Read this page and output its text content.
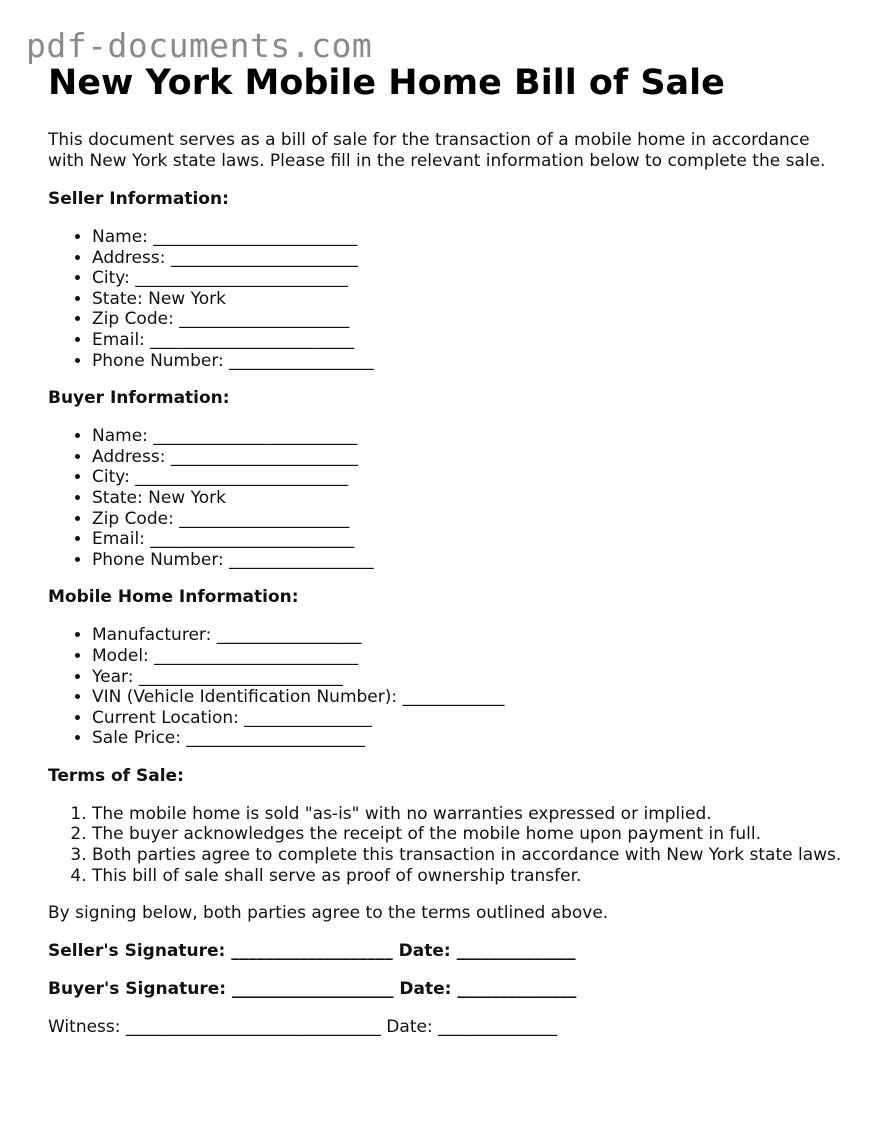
pdf-documents.com
New York Mobile Home Bill of Sale

This document serves as a bill of sale for the transaction of a mobile home in accordance with New York state laws. Please fill in the relevant information below to complete the sale.

Seller Information:
• Name: ________________________
• Address: ______________________
• City: _________________________
• State: New York
• Zip Code: ____________________
• Email: ________________________
• Phone Number: _________________
Buyer Information:
• Name: ________________________
• Address: ______________________
• City: _________________________
• State: New York
• Zip Code: ____________________
• Email: ________________________
• Phone Number: _________________
Mobile Home Information:
• Manufacturer: _________________
• Model: ________________________
• Year: ________________________
• VIN (Vehicle Identification Number): ____________
• Current Location: _______________
• Sale Price: _____________________
Terms of Sale:
1. The mobile home is sold "as-is" with no warranties expressed or implied.
2. The buyer acknowledges the receipt of the mobile home upon payment in full.
3. Both parties agree to complete this transaction in accordance with New York state laws.
4. This bill of sale shall serve as proof of ownership transfer.

By signing below, both parties agree to the terms outlined above.

Seller's Signature: ___________________ Date: ______________
Buyer's Signature: ___________________ Date: ______________
Witness: ______________________________ Date: ______________
